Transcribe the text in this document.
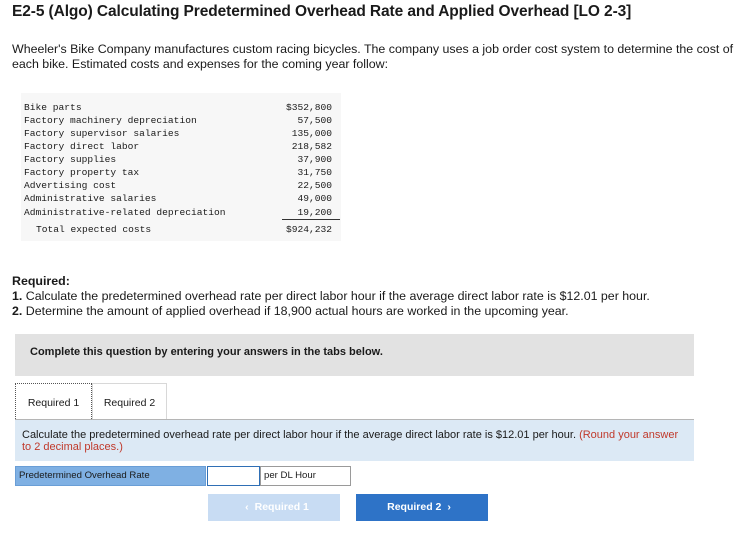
E2-5 (Algo) Calculating Predetermined Overhead Rate and Applied Overhead [LO 2-3]

Wheeler's Bike Company manufactures custom racing bicycles. The company uses a job order cost system to determine the cost of each bike. Estimated costs and expenses for the coming year follow:

Bike parts	$352,800
Factory machinery depreciation	57,500
Factory supervisor salaries	135,000
Factory direct labor	218,582
Factory supplies	37,900
Factory property tax	31,750
Advertising cost	22,500
Administrative salaries	49,000
Administrative-related depreciation	19,200
Total expected costs	$924,232

Required:

1. Calculate the predetermined overhead rate per direct labor hour if the average direct labor rate is $12.01 per hour.
2. Determine the amount of applied overhead if 18,900 actual hours are worked in the upcoming year.
Complete this question by entering your answers in the tabs below.
Required 1	Required 2

Calculate the predetermined overhead rate per direct labor hour if the average direct labor rate is $12.01 per hour. (Round your answer to 2 decimal places.)

Predetermined Overhead Rate	per DL Hour
‹ Required 1	Required 2 ›
